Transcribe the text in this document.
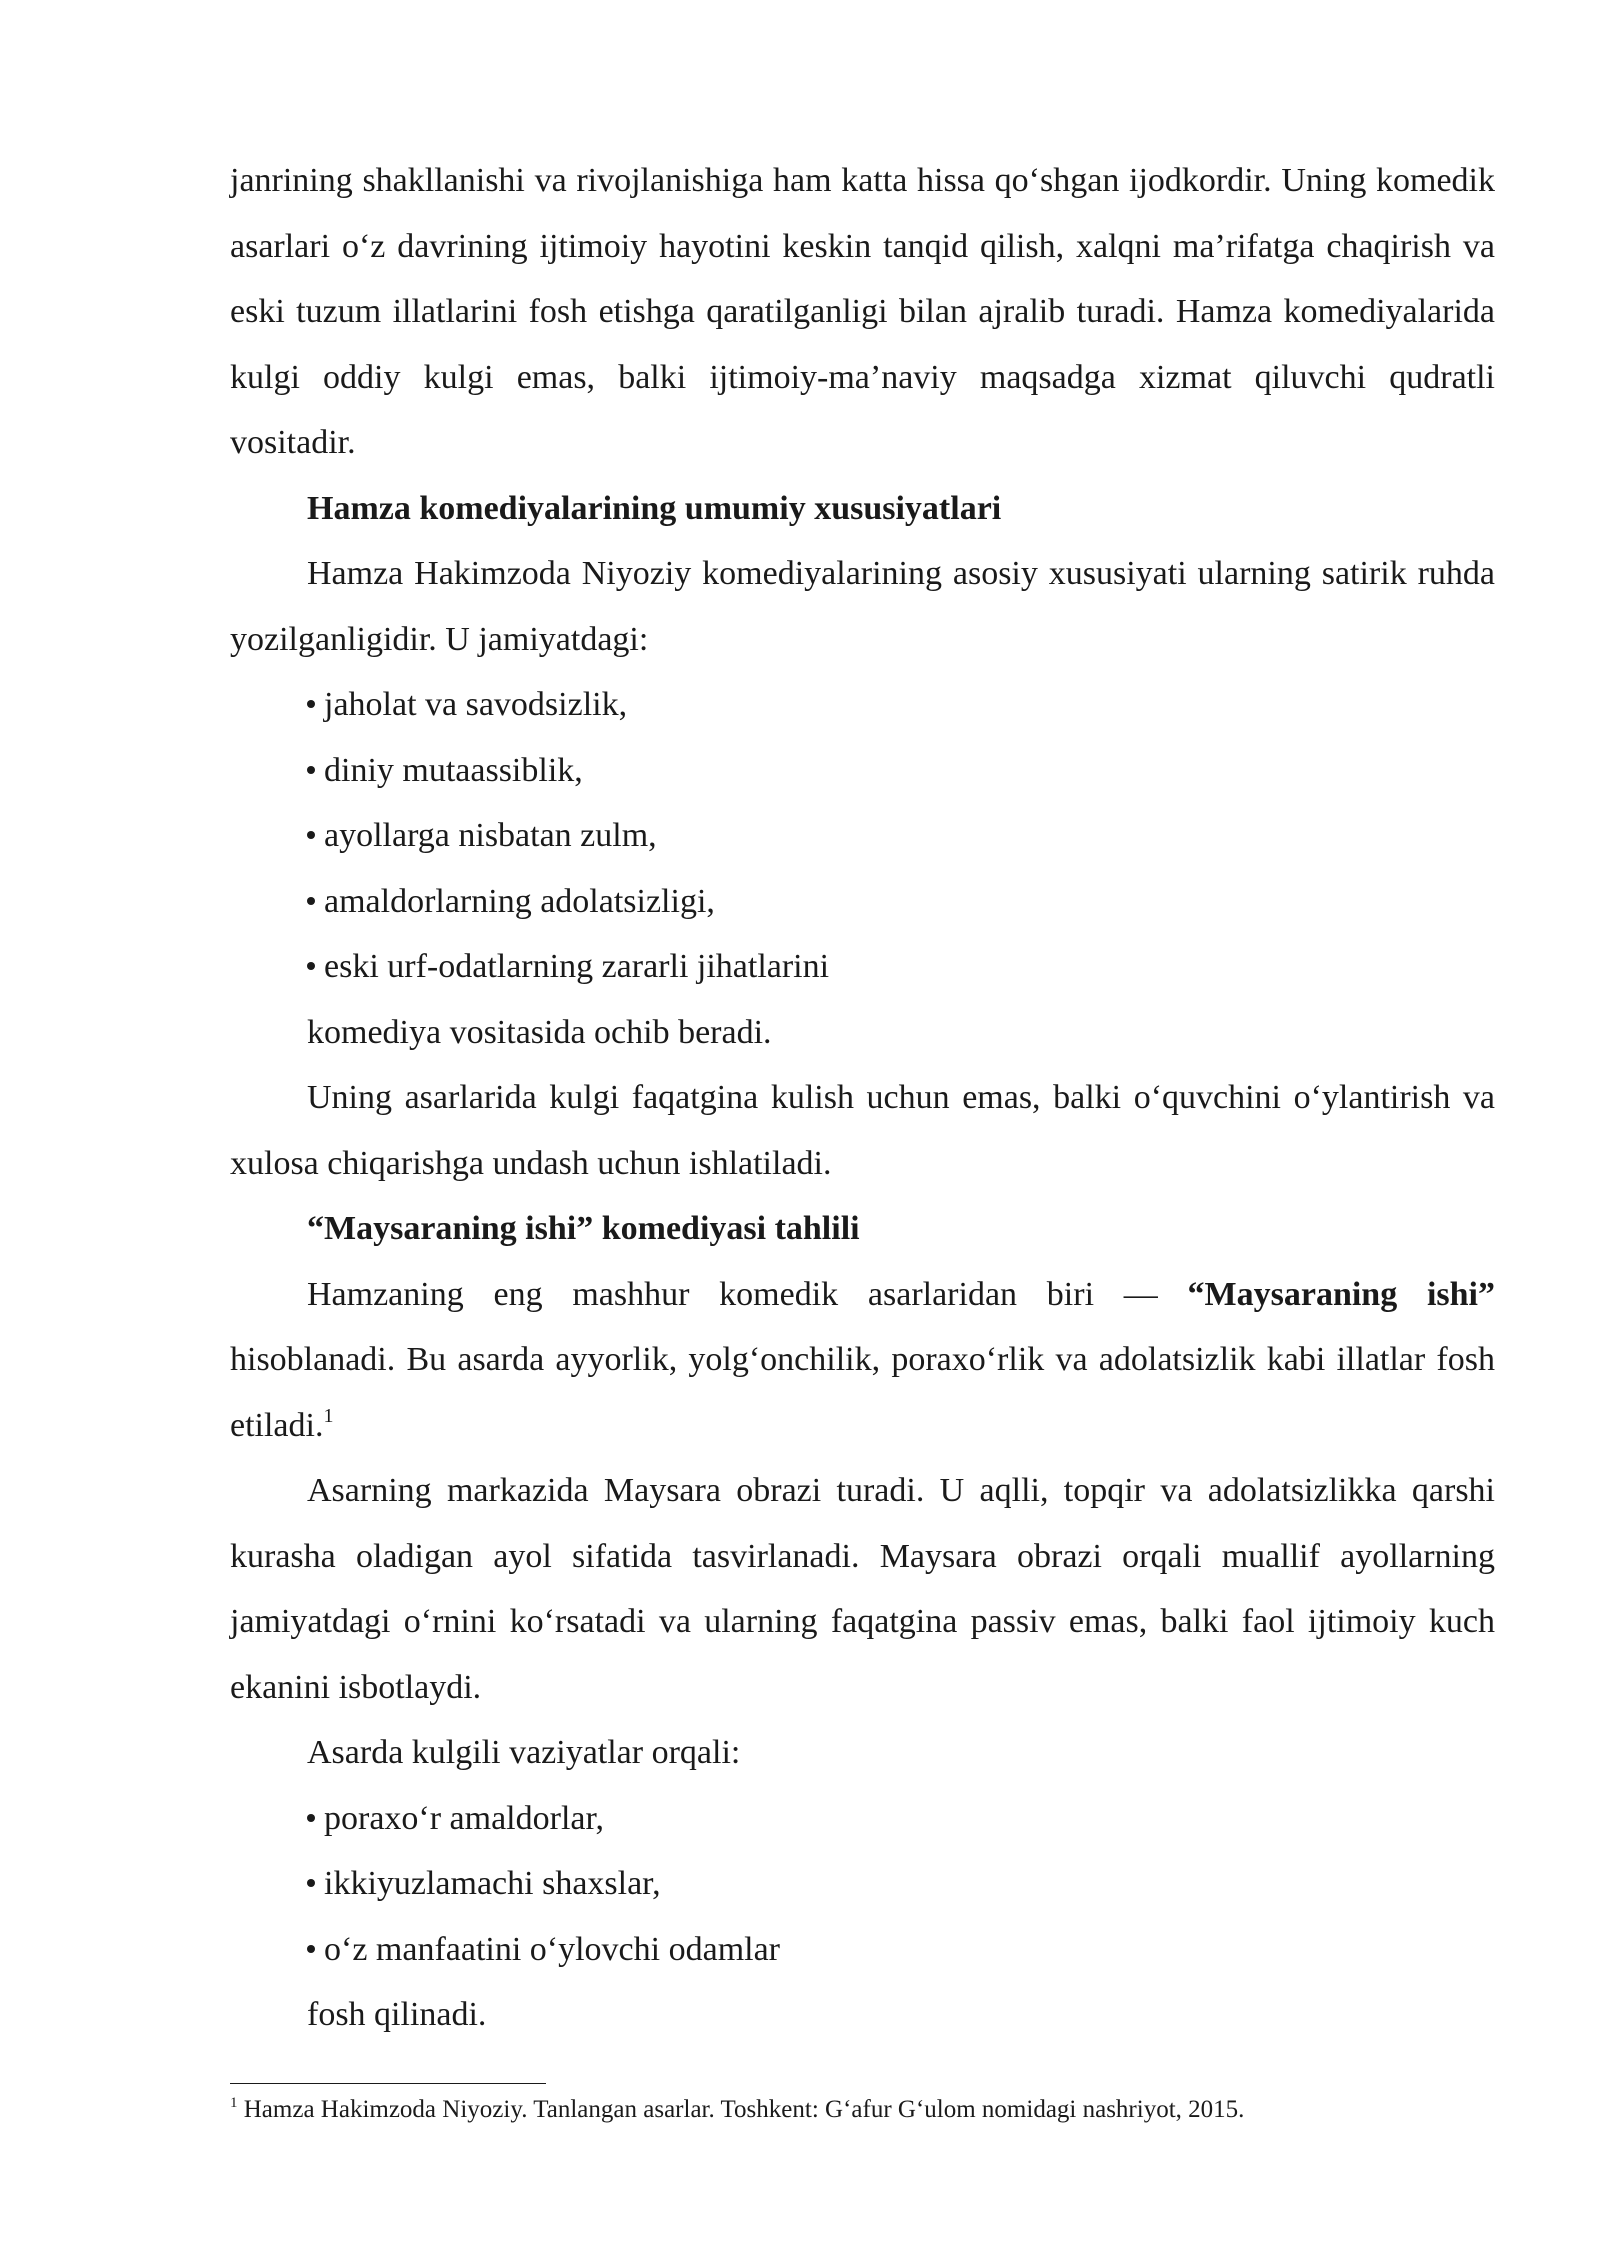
janrining shakllanishi va rivojlanishiga ham katta hissa qo‘shgan ijodkordir. Uning komedik asarlari o‘z davrining ijtimoiy hayotini keskin tanqid qilish, xalqni ma’rifatga chaqirish va eski tuzum illatlarini fosh etishga qaratilganligi bilan ajralib turadi. Hamza komediyalarida kulgi oddiy kulgi emas, balki ijtimoiy-ma’naviy maqsadga xizmat qiluvchi qudratli vositadir.

Hamza komediyalarining umumiy xususiyatlari

Hamza Hakimzoda Niyoziy komediyalarining asosiy xususiyati ularning satirik ruhda yozilganligidir. U jamiyatdagi:

jaholat va savodsizlik,
diniy mutaassiblik,
ayollarga nisbatan zulm,
amaldorlarning adolatsizligi,
eski urf-odatlarning zararli jihatlarini

komediya vositasida ochib beradi.

Uning asarlarida kulgi faqatgina kulish uchun emas, balki o‘quvchini o‘ylantirish va xulosa chiqarishga undash uchun ishlatiladi.

“Maysaraning ishi” komediyasi tahlili

Hamzaning eng mashhur komedik asarlaridan biri — “Maysaraning ishi” hisoblanadi. Bu asarda ayyorlik, yolg‘onchilik, poraxo‘rlik va adolatsizlik kabi illatlar fosh etiladi.$^1$

Asarning markazida Maysara obrazi turadi. U aqlli, topqir va adolatsizlikka qarshi kurasha oladigan ayol sifatida tasvirlanadi. Maysara obrazi orqali muallif ayollarning jamiyatdagi o‘rnini ko‘rsatadi va ularning faqatgina passiv emas, balki faol ijtimoiy kuch ekanini isbotlaydi.

Asarda kulgili vaziyatlar orqali:

poraxo‘r amaldorlar,
ikkiyuzlamachi shaxslar,
o‘z manfaatini o‘ylovchi odamlar

fosh qilinadi.

$^1$ Hamza Hakimzoda Niyoziy. Tanlangan asarlar. Toshkent: G‘afur G‘ulom nomidagi nashriyot, 2015.
